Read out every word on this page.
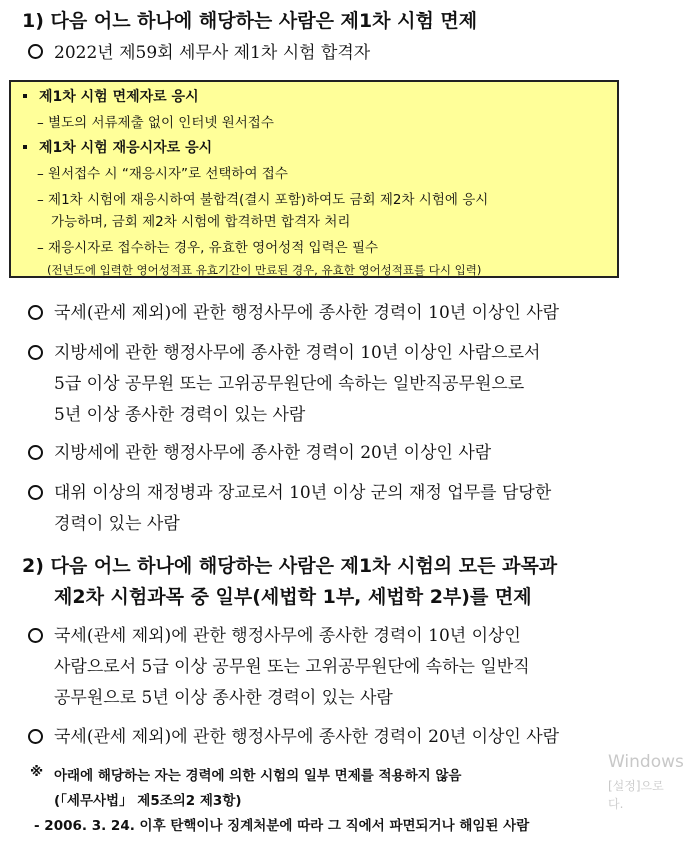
1) 다음 어느 하나에 해당하는 사람은 제1차 시험 면제
2022년 제59회 세무사 제1차 시험 합격자
제1차 시험 면제자로 응시
– 별도의 서류제출 없이 인터넷 원서접수
제1차 시험 재응시자로 응시
– 원서접수 시 “재응시자”로 선택하여 접수
– 제1차 시험에 재응시하여 불합격(결시 포함)하여도 금회 제2차 시험에 응시
가능하며, 금회 제2차 시험에 합격하면 합격자 처리
– 재응시자로 접수하는 경우, 유효한 영어성적 입력은 필수
(전년도에 입력한 영어성적표 유효기간이 만료된 경우, 유효한 영어성적표를 다시 입력)
국세(관세 제외)에 관한 행정사무에 종사한 경력이 10년 이상인 사람
지방세에 관한 행정사무에 종사한 경력이 10년 이상인 사람으로서
5급 이상 공무원 또는 고위공무원단에 속하는 일반직공무원으로
5년 이상 종사한 경력이 있는 사람
지방세에 관한 행정사무에 종사한 경력이 20년 이상인 사람
대위 이상의 재정병과 장교로서 10년 이상 군의 재정 업무를 담당한
경력이 있는 사람
2) 다음 어느 하나에 해당하는 사람은 제1차 시험의 모든 과목과
제2차 시험과목 중 일부(세법학 1부, 세법학 2부)를 면제
국세(관세 제외)에 관한 행정사무에 종사한 경력이 10년 이상인
사람으로서 5급 이상 공무원 또는 고위공무원단에 속하는 일반직
공무원으로 5년 이상 종사한 경력이 있는 사람
국세(관세 제외)에 관한 행정사무에 종사한 경력이 20년 이상인 사람
※ 아래에 해당하는 자는 경력에 의한 시험의 일부 면제를 적용하지 않음
(「세무사법」 제5조의2 제3항)
- 2006. 3. 24. 이후 탄핵이나 징계처분에 따라 그 직에서 파면되거나 해임된 사람
Windows
[설정]으로
다.
